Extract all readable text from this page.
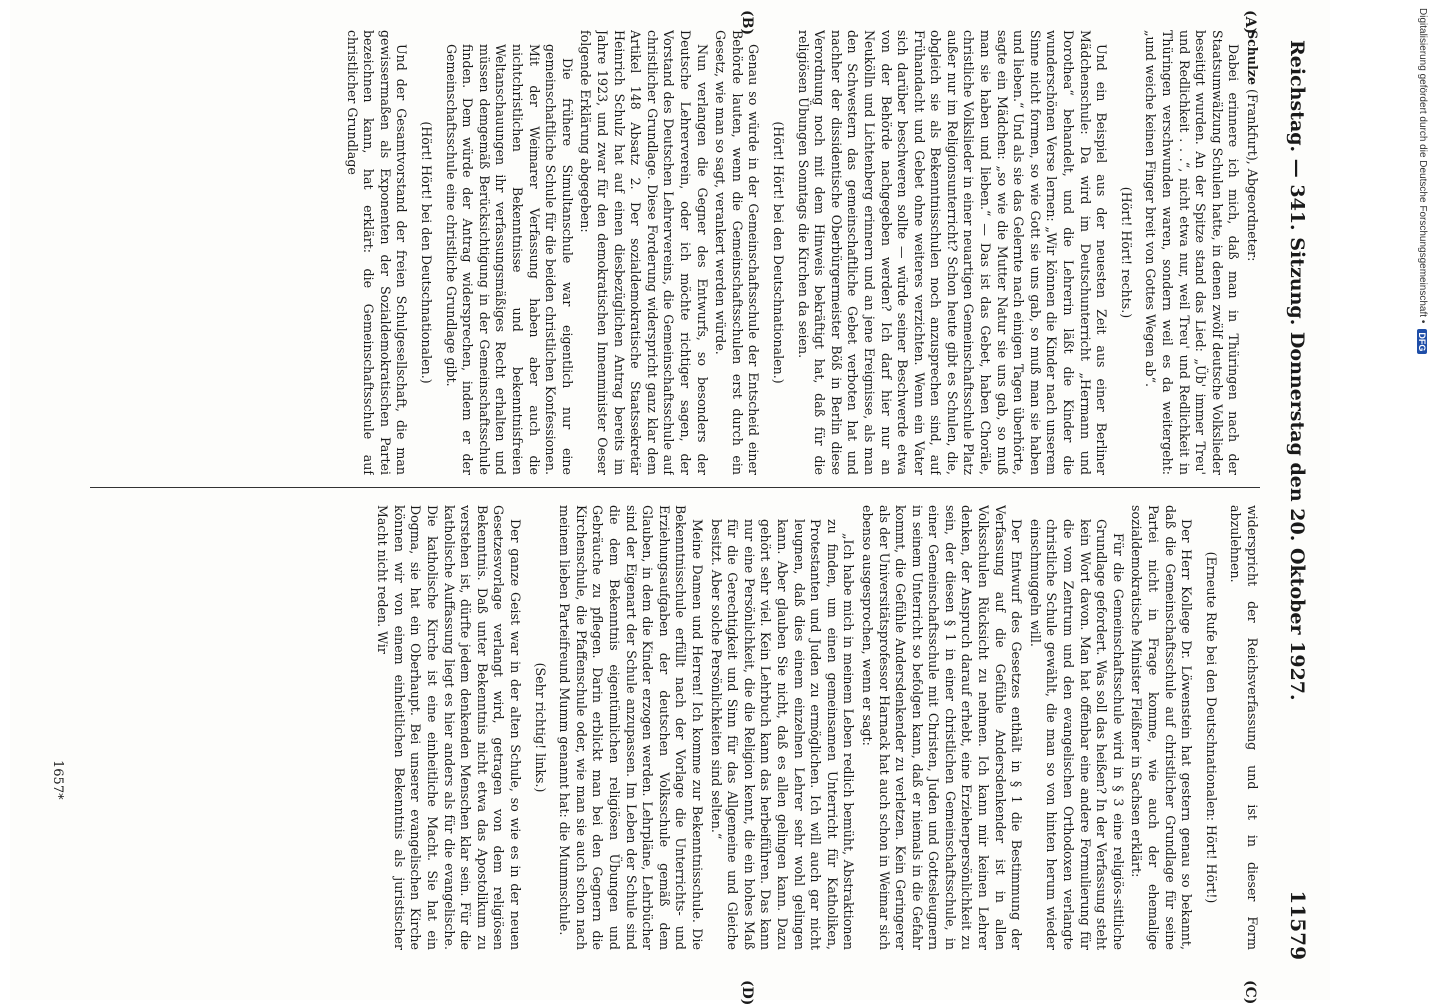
Reichstag. — 341. Sitzung. Donnerstag den 20. Oktober 1927.
11579
(A)
(B)
(C)
(D)

Schulze (Frankfurt), Abgeordneter:

Dabei erinnere ich mich, daß man in Thüringen nach der Staatsumwälzung Schulen hatte, in denen zwölf deutsche Volkslieder beseitigt wurden. An der Spitze stand das Lied: „Üb' immer Treu' und Redlichkeit . . .“, nicht etwa nur, weil Treu' und Redlichkeit in Thüringen verschwunden waren, sondern weil es da weitergeht: „und weiche keinen Finger breit von Gottes Wegen ab“.

(Hört! Hört! rechts.)

Und ein Beispiel aus der neuesten Zeit aus einer Berliner Mädchenschule: Da wird im Deutschunterricht „Hermann und Dorothea“ behandelt, und die Lehrerin läßt die Kinder die wunderschönen Verse lernen: „Wir können die Kinder nach unserem Sinne nicht formen, so wie Gott sie uns gab, so muß man sie haben und lieben.“ Und als sie das Gelernte nach einigen Tagen überhörte, sagte ein Mädchen: „so wie die Mutter Natur sie uns gab, so muß man sie haben und lieben.“ — Das ist das Gebet, haben Choräle, christliche Volkslieder in einer neuartigen Gemeinschaftsschule Platz außer nur im Religionsunterricht? Schon heute gibt es Schulen, die, obgleich sie als Bekenntnisschulen noch anzusprechen sind, auf Frühandacht und Gebet ohne weiteres verzichten. Wenn ein Vater sich darüber beschweren sollte — würde seiner Beschwerde etwa von der Behörde nachgegeben werden? Ich darf hier nur an Neukölln und Lichtenberg erinnern und an jene Ereignisse, als man den Schwestern das gemeinschaftliche Gebet verboten hat und nachher der dissidentische Oberbürgermeister Böß in Berlin diese Verordnung noch mit dem Hinweis bekräftigt hat, daß für die religiösen Übungen Sonntags die Kirchen da seien.

(Hört! Hört! bei den Deutschnationalen.)

Genau so würde in der Gemeinschaftsschule der Entscheid einer Behörde lauten, wenn die Gemeinschaftsschulen erst durch ein Gesetz, wie man so sagt, verankert werden würde.

Nun verlangen die Gegner des Entwurfs, so besonders der Deutsche Lehrerverein, oder ich möchte richtiger sagen, der Vorstand des Deutschen Lehrervereins, die Gemeinschaftsschule auf christlicher Grundlage. Diese Forderung widerspricht ganz klar dem Artikel 148 Absatz 2. Der sozialdemokratische Staatssekretär Heinrich Schulz hat auf einen diesbezüglichen Antrag bereits im Jahre 1923, und zwar für den demokratischen Innenminister Oeser folgende Erklärung abgegeben:

Die frühere Simultanschule war eigentlich nur eine gemeinschaftliche Schule für die beiden christlichen Konfessionen. Mit der Weimarer Verfassung haben aber auch die nichtchristlichen Bekenntnisse und bekenntnisfreien Weltanschauungen ihr verfassungsmäßiges Recht erhalten und müssen demgemäß Berücksichtigung in der Gemeinschaftsschule finden. Dem würde der Antrag widersprechen, indem er der Gemeinschaftsschule eine christliche Grundlage gibt.

(Hört! Hört! bei den Deutschnationalen.)

Und der Gesamtvorstand der freien Schulgesellschaft, die man gewissermaßen als Exponenten der Sozialdemokratischen Partei bezeichnen kann, hat erklärt: die Gemeinschaftsschule auf christlicher Grundlage

widerspricht der Reichsverfassung und ist in dieser Form abzulehnen.

(Erneute Rufe bei den Deutschnationalen: Hört! Hört!)

Der Herr Kollege Dr. Löwenstein hat gestern genau so bekannt, daß die Gemeinschaftsschule auf christlicher Grundlage für seine Partei nicht in Frage komme, wie auch der ehemalige sozialdemokratische Minister Fleißner in Sachsen erklärt:

Für die Gemeinschaftsschule wird in § 3 eine religiös-sittliche Grundlage gefordert. Was soll das heißen? In der Verfassung steht kein Wort davon. Man hat offenbar eine andere Formulierung für die vom Zentrum und den evangelischen Orthodoxen verlangte christliche Schule gewählt, die man so von hinten herum wieder einschmuggeln will.

Der Entwurf des Gesetzes enthält in § 1 die Bestimmung der Verfassung auf die Gefühle Andersdenkender ist in allen Volksschulen Rücksicht zu nehmen. Ich kann mir keinen Lehrer denken, der Anspruch darauf erhebt, eine Erzieherpersönlichkeit zu sein, der diesen § 1 in einer christlichen Gemeinschaftsschule, in einer Gemeinschaftsschule mit Christen, Juden und Gottesleugnern in seinem Unterricht so befolgen kann, daß er niemals in die Gefahr kommt, die Gefühle Andersdenkender zu verletzen. Kein Geringerer als der Universitätsprofessor Harnack hat auch schon in Weimar sich ebenso ausgesprochen, wenn er sagt:

„Ich habe mich in meinem Leben redlich bemüht, Abstraktionen zu finden, um einen gemeinsamen Unterricht für Katholiken, Protestanten und Juden zu ermöglichen. Ich will auch gar nicht leugnen, daß dies einem einzelnen Lehrer sehr wohl gelingen kann. Aber glauben Sie nicht, daß es allen gelingen kann. Dazu gehört sehr viel. Kein Lehrbuch kann das herbeiführen. Das kann nur eine Persönlichkeit, die die Religion kennt, die ein hohes Maß für die Gerechtigkeit und Sinn für das Allgemeine und Gleiche besitzt. Aber solche Persönlichkeiten sind selten.“

Meine Damen und Herren! Ich komme zur Bekenntnisschule. Die Bekenntnisschule erfüllt nach der Vorlage die Unterrichts- und Erziehungsaufgaben der deutschen Volksschule gemäß dem Glauben, in dem die Kinder erzogen werden. Lehrpläne, Lehrbücher sind der Eigenart der Schule anzupassen. Im Leben der Schule sind die dem Bekenntnis eigentümlichen religiösen Übungen und Gebräuche zu pflegen. Darin erblickt man bei den Gegnern die Kirchenschule, die Pfaffenschule oder, wie man sie auch schon nach meinem lieben Parteifreund Mumm genannt hat: die Mummschule.

(Sehr richtig! links.)

Der ganze Geist war in der alten Schule, so wie es in der neuen Gesetzesvorlage verlangt wird, getragen von dem religiösen Bekenntnis. Daß unter Bekenntnis nicht etwa das Apostolikum zu verstehen ist, dürfte jedem denkenden Menschen klar sein. Für die katholische Auffassung liegt es hier anders als für die evangelische. Die katholische Kirche ist eine einheitliche Macht. Sie hat ein Dogma, sie hat ein Oberhaupt. Bei unserer evangelischen Kirche können wir von einem einheitlichen Bekenntnis als juristischer Macht nicht reden. Wir

1657*
Digitalisierung gefördert durch die Deutsche Forschungsgemeinschaft •
DFG
